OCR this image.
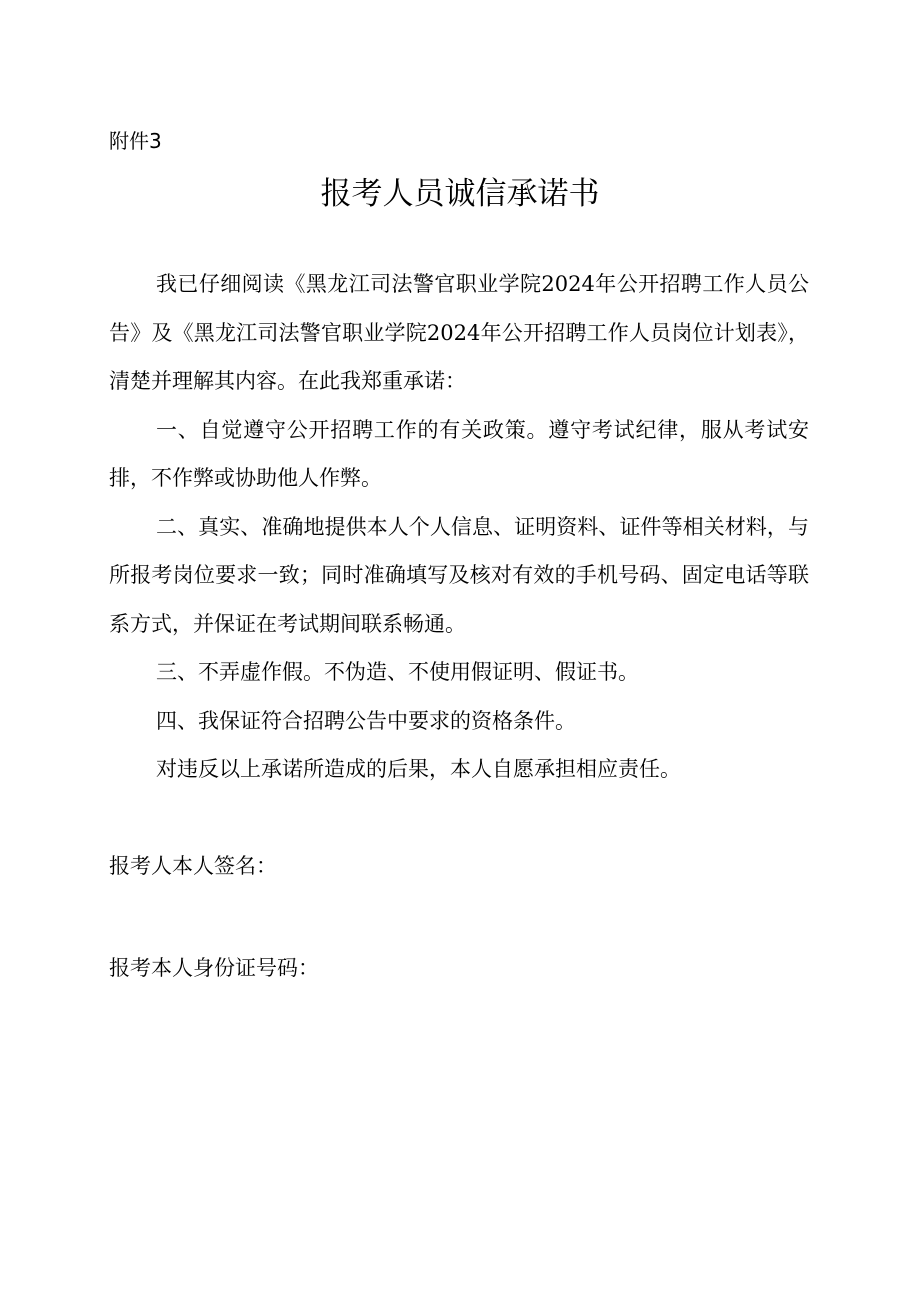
附件3
报考人员诚信承诺书

我已仔细阅读《黑龙江司法警官职业学院2024年公开招聘工作人员公告》及《黑龙江司法警官职业学院2024年公开招聘工作人员岗位计划表》，清楚并理解其内容。在此我郑重承诺：

一、自觉遵守公开招聘工作的有关政策。遵守考试纪律，服从考试安排，不作弊或协助他人作弊。

二、真实、准确地提供本人个人信息、证明资料、证件等相关材料，与所报考岗位要求一致；同时准确填写及核对有效的手机号码、固定电话等联系方式，并保证在考试期间联系畅通。

三、不弄虚作假。不伪造、不使用假证明、假证书。

四、我保证符合招聘公告中要求的资格条件。

对违反以上承诺所造成的后果，本人自愿承担相应责任。

报考人本人签名：
报考本人身份证号码：
